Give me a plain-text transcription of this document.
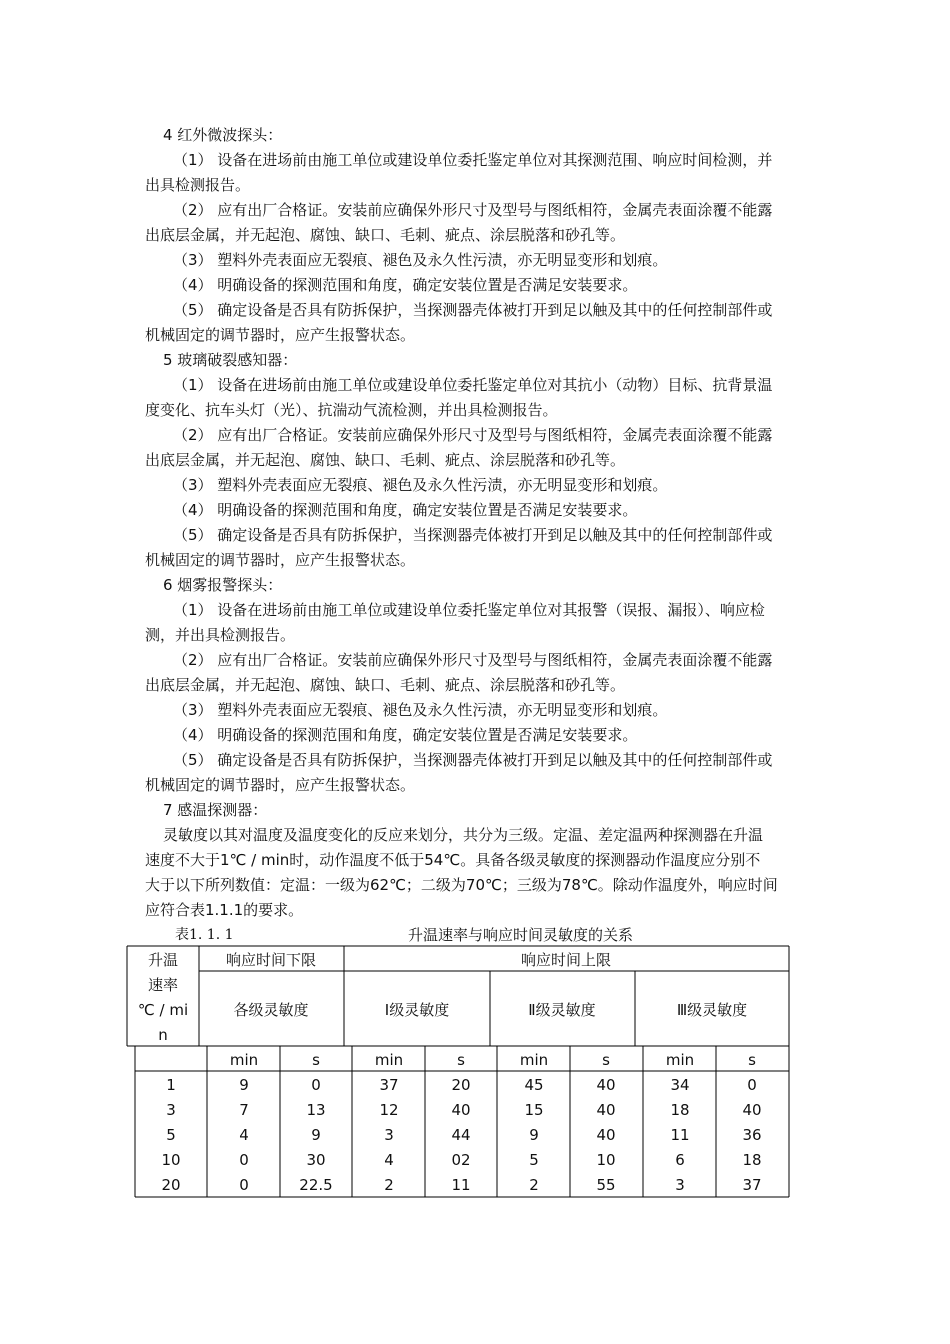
4 红外微波探头：
（1） 设备在进场前由施工单位或建设单位委托鉴定单位对其探测范围、响应时间检测，并
出具检测报告。
（2） 应有出厂合格证。安装前应确保外形尺寸及型号与图纸相符，金属壳表面涂覆不能露
出底层金属，并无起泡、腐蚀、缺口、毛刺、疵点、涂层脱落和砂孔等。
（3） 塑料外壳表面应无裂痕、褪色及永久性污渍，亦无明显变形和划痕。
（4） 明确设备的探测范围和角度，确定安装位置是否满足安装要求。
（5） 确定设备是否具有防拆保护，当探测器壳体被打开到足以触及其中的任何控制部件或
机械固定的调节器时，应产生报警状态。
5 玻璃破裂感知器：
（1） 设备在进场前由施工单位或建设单位委托鉴定单位对其抗小（动物）目标、抗背景温
度变化、抗车头灯（光）、抗湍动气流检测，并出具检测报告。
（2） 应有出厂合格证。安装前应确保外形尺寸及型号与图纸相符，金属壳表面涂覆不能露
出底层金属，并无起泡、腐蚀、缺口、毛刺、疵点、涂层脱落和砂孔等。
（3） 塑料外壳表面应无裂痕、褪色及永久性污渍，亦无明显变形和划痕。
（4） 明确设备的探测范围和角度，确定安装位置是否满足安装要求。
（5） 确定设备是否具有防拆保护，当探测器壳体被打开到足以触及其中的任何控制部件或
机械固定的调节器时，应产生报警状态。
6 烟雾报警探头：
（1） 设备在进场前由施工单位或建设单位委托鉴定单位对其报警（误报、漏报）、响应检
测，并出具检测报告。
（2） 应有出厂合格证。安装前应确保外形尺寸及型号与图纸相符，金属壳表面涂覆不能露
出底层金属，并无起泡、腐蚀、缺口、毛刺、疵点、涂层脱落和砂孔等。
（3） 塑料外壳表面应无裂痕、褪色及永久性污渍，亦无明显变形和划痕。
（4） 明确设备的探测范围和角度，确定安装位置是否满足安装要求。
（5） 确定设备是否具有防拆保护，当探测器壳体被打开到足以触及其中的任何控制部件或
机械固定的调节器时，应产生报警状态。
7 感温探测器：
灵敏度以其对温度及温度变化的反应来划分，共分为三级。定温、差定温两种探测器在升温
速度不大于1℃ / min时，动作温度不低于54℃。具备各级灵敏度的探测器动作温度应分别不
大于以下所列数值：定温：一级为62℃；二级为70℃；三级为78℃。除动作温度外，响应时间
应符合表1.1.1的要求。
表1. 1. 1	升温速率与响应时间灵敏度的关系
升温
速率
℃ / mi
n
响应时间下限	响应时间上限
各级灵敏度	Ⅰ级灵敏度	Ⅱ级灵敏度	Ⅲ级灵敏度
min	s	min	s	min	s	min	s
1	9	0	37	20	45	40	34	0
3	7	13	12	40	15	40	18	40
5	4	9	3	44	9	40	11	36
10	0	30	4	02	5	10	6	18
20	0	22.5	2	11	2	55	3	37
